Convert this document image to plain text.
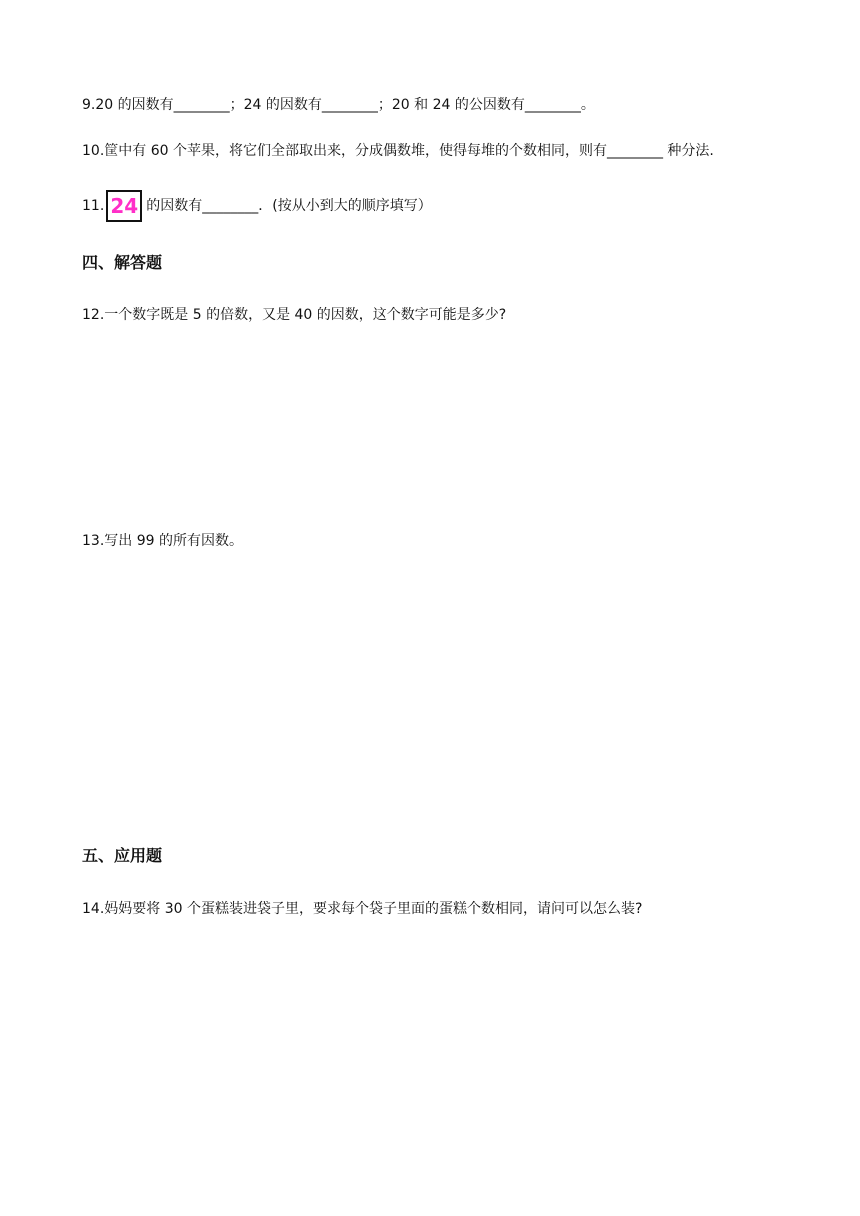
9.20 的因数有________；24 的因数有________；20 和 24 的公因数有________。
10.筐中有 60 个苹果，将它们全部取出来，分成偶数堆，使得每堆的个数相同，则有________ 种分法.
11. 24 的因数有________．(按从小到大的顺序填写）
四、解答题
12.一个数字既是 5 的倍数，又是 40 的因数，这个数字可能是多少?
13.写出 99 的所有因数。
五、应用题
14.妈妈要将 30 个蛋糕装进袋子里，要求每个袋子里面的蛋糕个数相同，请问可以怎么装?
